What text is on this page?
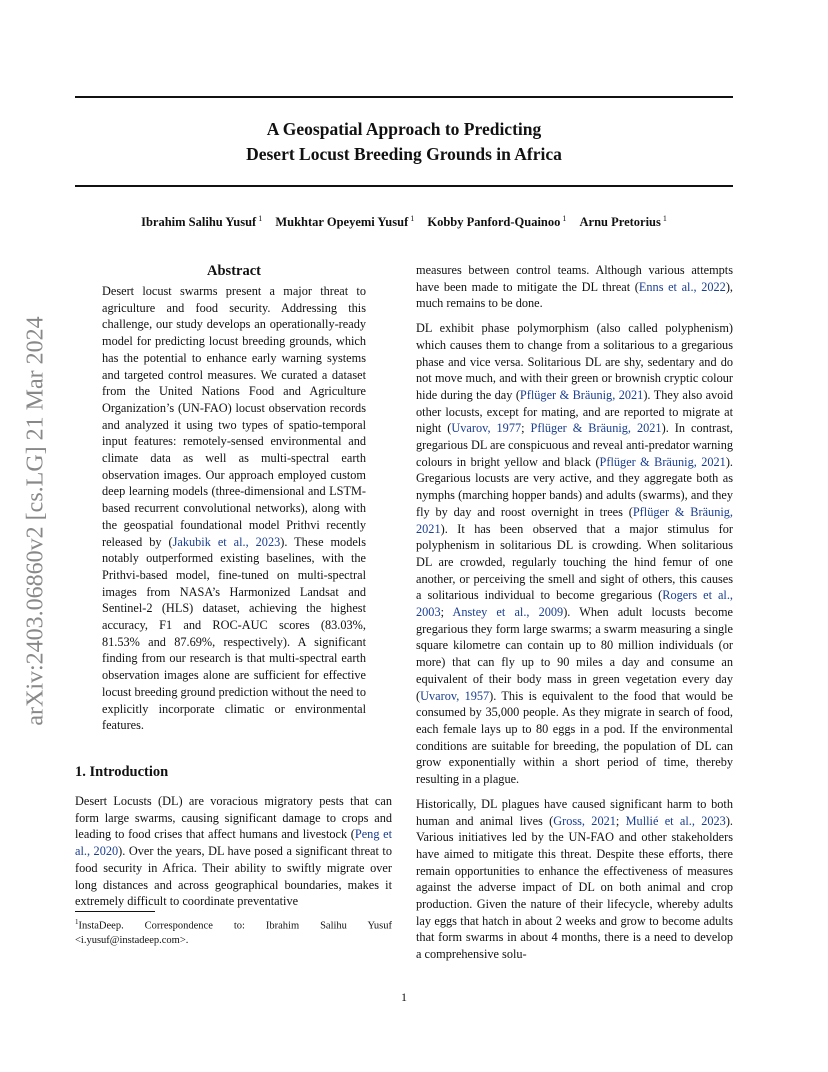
arXiv:2403.06860v2 [cs.LG] 21 Mar 2024
A Geospatial Approach to Predicting
Desert Locust Breeding Grounds in Africa
Ibrahim Salihu Yusuf $^1$ Mukhtar Opeyemi Yusuf $^1$ Kobby Panford-Quainoo $^1$ Arnu Pretorius $^1$
Abstract

Desert locust swarms present a major threat to agriculture and food security. Addressing this challenge, our study develops an operationally-ready model for predicting locust breeding grounds, which has the potential to enhance early warning systems and targeted control measures. We curated a dataset from the United Nations Food and Agriculture Organization’s (UN-FAO) locust observation records and analyzed it using two types of spatio-temporal input features: remotely-sensed environmental and climate data as well as multi-spectral earth observation images. Our approach employed custom deep learning models (three-dimensional and LSTM-based recurrent convolutional networks), along with the geospatial foundational model Prithvi recently released by (Jakubik et al., 2023). These models notably outperformed existing baselines, with the Prithvi-based model, fine-tuned on multi-spectral images from NASA’s Harmonized Landsat and Sentinel-2 (HLS) dataset, achieving the highest accuracy, F1 and ROC-AUC scores (83.03%, 81.53% and 87.69%, respectively). A significant finding from our research is that multi-spectral earth observation images alone are sufficient for effective locust breeding ground prediction without the need to explicitly incorporate climatic or environmental features.

1. Introduction

Desert Locusts (DL) are voracious migratory pests that can form large swarms, causing significant damage to crops and leading to food crises that affect humans and livestock (Peng et al., 2020). Over the years, DL have posed a significant threat to food security in Africa. Their ability to swiftly migrate over long distances and across geographical boundaries, makes it extremely difficult to coordinate preventative

measures between control teams. Although various attempts have been made to mitigate the DL threat (Enns et al., 2022), much remains to be done.

DL exhibit phase polymorphism (also called polyphenism) which causes them to change from a solitarious to a gregarious phase and vice versa. Solitarious DL are shy, sedentary and do not move much, and with their green or brownish cryptic colour hide during the day (Pflüger & Bräunig, 2021). They also avoid other locusts, except for mating, and are reported to migrate at night (Uvarov, 1977; Pflüger & Bräunig, 2021). In contrast, gregarious DL are conspicuous and reveal anti-predator warning colours in bright yellow and black (Pflüger & Bräunig, 2021). Gregarious locusts are very active, and they aggregate both as nymphs (marching hopper bands) and adults (swarms), and they fly by day and roost overnight in trees (Pflüger & Bräunig, 2021). It has been observed that a major stimulus for polyphenism in solitarious DL is crowding. When solitarious DL are crowded, regularly touching the hind femur of one another, or perceiving the smell and sight of others, this causes a solitarious individual to become gregarious (Rogers et al., 2003; Anstey et al., 2009). When adult locusts become gregarious they form large swarms; a swarm measuring a single square kilometre can contain up to 80 million individuals (or more) that can fly up to 90 miles a day and consume an equivalent of their body mass in green vegetation every day (Uvarov, 1957). This is equivalent to the food that would be consumed by 35,000 people. As they migrate in search of food, each female lays up to 80 eggs in a pod. If the environmental conditions are suitable for breeding, the population of DL can grow exponentially within a short period of time, thereby resulting in a plague.

Historically, DL plagues have caused significant harm to both human and animal lives (Gross, 2021; Mullié et al., 2023). Various initiatives led by the UN-FAO and other stakeholders have aimed to mitigate this threat. Despite these efforts, there remain opportunities to enhance the effectiveness of measures against the adverse impact of DL on both animal and crop production. Given the nature of their lifecycle, whereby adults lay eggs that hatch in about 2 weeks and grow to become adults that form swarms in about 4 months, there is a need to develop a comprehensive solu-

$^1$InstaDeep. Correspondence to: Ibrahim Salihu Yusuf <i.yusuf@instadeep.com>.
1
